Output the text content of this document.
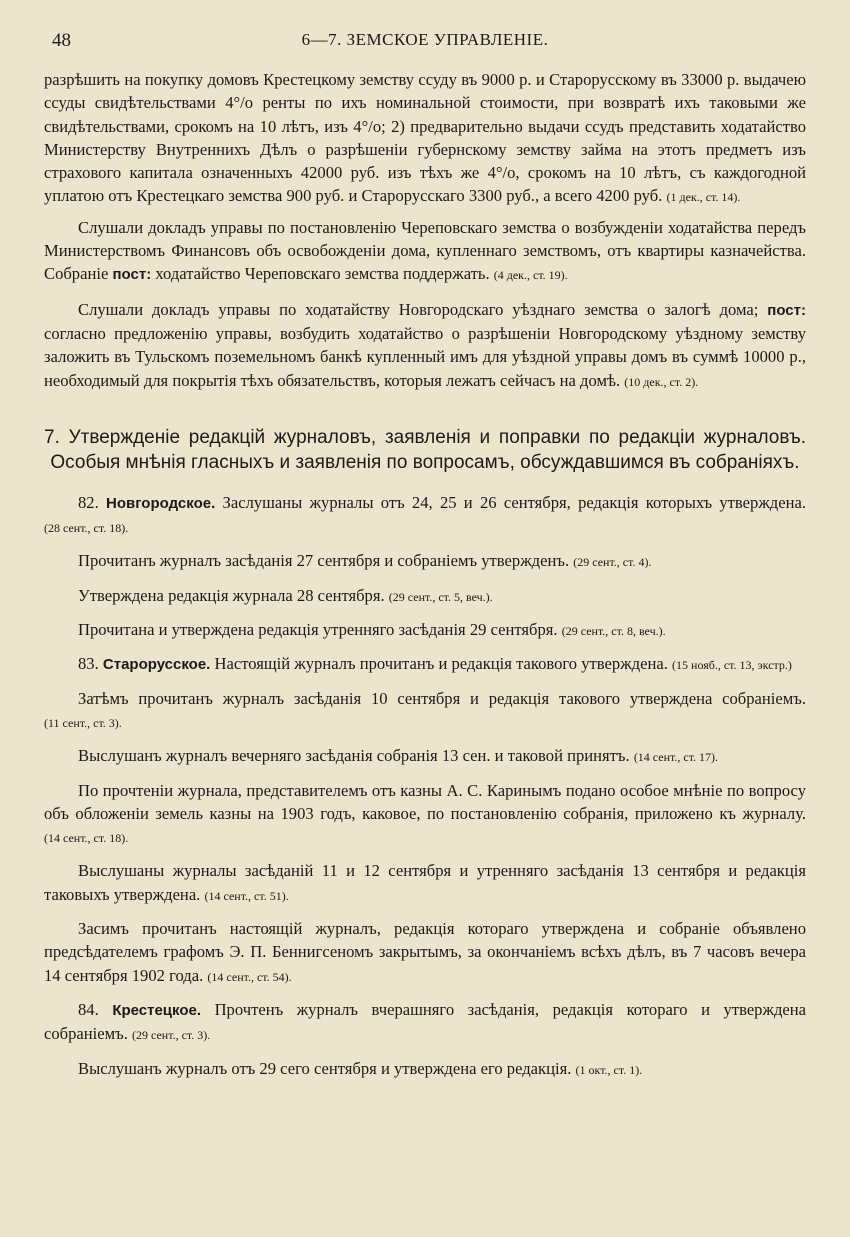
48	6—7. ЗЕМСКОЕ УПРАВЛЕНІЕ.

разрѣшить на покупку домовъ Крестецкому земству ссуду въ 9000 р. и Старорусскому въ 33000 р. выдачею ссуды свидѣтельствами 4°/о ренты по ихъ номинальной стоимости, при возвратѣ ихъ таковыми же свидѣтельствами, срокомъ на 10 лѣтъ, изъ 4°/о; 2) предварительно выдачи ссудъ представить ходатайство Министерству Внутреннихъ Дѣлъ о разрѣшеніи губернскому земству займа на этотъ предметъ изъ страхового капитала означенныхъ 42000 руб. изъ тѣхъ же 4°/о, срокомъ на 10 лѣтъ, съ каждогодной уплатою отъ Крестецкаго земства 900 руб. и Старорусскаго 3300 руб., а всего 4200 руб. (1 дек., ст. 14).

Слушали докладъ управы по постановленію Череповскаго земства о возбужденіи ходатайства передъ Министерствомъ Финансовъ объ освобожденіи дома, купленнаго земствомъ, отъ квартиры казначейства. Собраніе пост: ходатайство Череповскаго земства поддержать. (4 дек., ст. 19).

Слушали докладъ управы по ходатайству Новгородскаго уѣзднаго земства о залогѣ дома; пост: согласно предложенію управы, возбудить ходатайство о разрѣшеніи Новгородскому уѣздному земству заложить въ Тульскомъ поземельномъ банкѣ купленный имъ для уѣздной управы домъ въ суммѣ 10000 р., необходимый для покрытія тѣхъ обязательствъ, которыя лежатъ сейчасъ на домѣ. (10 дек., ст. 2).

7. Утвержденіе редакцій журналовъ, заявленія и поправки по редакціи журналовъ. Особыя мнѣнія гласныхъ и заявленія по вопросамъ, обсуждавшимся въ собраніяхъ.

82. Новгородское. Заслушаны журналы отъ 24, 25 и 26 сентября, редакція которыхъ утверждена. (28 сент., ст. 18).

Прочитанъ журналъ засѣданія 27 сентября и собраніемъ утвержденъ. (29 сент., ст. 4).

Утверждена редакція журнала 28 сентября. (29 сент., ст. 5, веч.).

Прочитана и утверждена редакція утренняго засѣданія 29 сентября. (29 сент., ст. 8, веч.).

83. Старорусское. Настоящій журналъ прочитанъ и редакція такового утверждена. (15 нояб., ст. 13, экстр.)

Затѣмъ прочитанъ журналъ засѣданія 10 сентября и редакція такового утверждена собраніемъ. (11 сент., ст. 3).

Выслушанъ журналъ вечерняго засѣданія собранія 13 сен. и таковой принятъ. (14 сент., ст. 17).

По прочтеніи журнала, представителемъ отъ казны А. С. Каринымъ подано особое мнѣніе по вопросу объ обложеніи земель казны на 1903 годъ, каковое, по постановленію собранія, приложено къ журналу. (14 сент., ст. 18).

Выслушаны журналы засѣданій 11 и 12 сентября и утренняго засѣданія 13 сентября и редакція таковыхъ утверждена. (14 сент., ст. 51).

Засимъ прочитанъ настоящій журналъ, редакція котораго утверждена и собраніе объявлено предсѣдателемъ графомъ Э. П. Беннигсеномъ закрытымъ, за окончаніемъ всѣхъ дѣлъ, въ 7 часовъ вечера 14 сентября 1902 года. (14 сент., ст. 54).

84. Крестецкое. Прочтенъ журналъ вчерашняго засѣданія, редакція котораго и утверждена собраніемъ. (29 сент., ст. 3).

Выслушанъ журналъ отъ 29 сего сентября и утверждена его редакція. (1 окт., ст. 1).
